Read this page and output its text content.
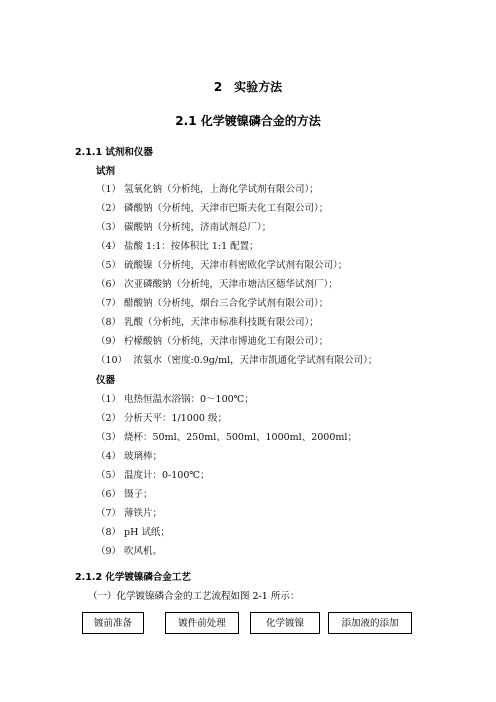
2　实验方法
2.1 化学镀镍磷合金的方法
2.1.1 试剂和仪器
试剂
（1） 氢氧化钠（分析纯，上海化学试剂有限公司）；
（2） 磷酸钠（分析纯，天津市巴斯夫化工有限公司）；
（3） 碳酸钠（分析纯，济南试剂总厂）；
（4） 盐酸 1:1：按体积比 1:1 配置；
（5） 硫酸镍（分析纯，天津市科密欧化学试剂有限公司）；
（6） 次亚磷酸钠（分析纯，天津市塘沽区德华试剂厂）；
（7） 醋酸钠（分析纯，烟台三合化学试剂有限公司）；
（8） 乳酸（分析纯，天津市标准科技既有限公司）；
（9） 柠檬酸钠（分析纯，天津市博迪化工有限公司）；
（10）　浓氨水（密度:0.9g/ml，天津市凯通化学试剂有限公司）；
仪器
（1） 电热恒温水浴锅：0～100℃；
（2） 分析天平：1/1000 级；
（3） 烧杯：50ml、250ml、500ml、1000ml、2000ml；
（4） 玻璃棒；
（5） 温度计：0-100℃；
（6） 镊子；
（7） 薄铁片；
（8） pH 试纸；
（9） 吹风机。
2.1.2 化学镀镍磷合金工艺
（一）化学镀镍磷合金的工艺流程如图 2-1 所示：
镀前准备	镀件前处理	化学镀镍	添加液的添加
